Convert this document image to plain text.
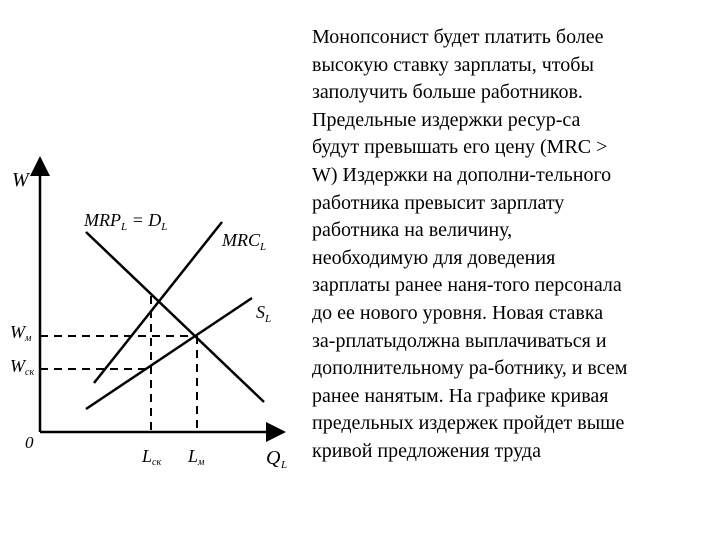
W
0
Q L
$MRP_L = D_L$
$MRC_L$
$S_L$
Wм
Wск
Lск Lм
Монопсонист будет платить более
высокую ставку зарплаты, чтобы
заполучить больше работников.
Предельные издержки ресур-са
будут превышать его цену (MRC >
W) Издержки на дополни-тельного
работника превысит зарплату
работника на величину,
необходимую для доведения
зарплаты ранее наня-того персонала
до ее нового уровня. Новая ставка
за-рплатыдолжна выплачиваться и
дополнительному ра-ботнику, и всем
ранее нанятым. На графике кривая
предельных издержек пройдет выше
кривой предложения труда
